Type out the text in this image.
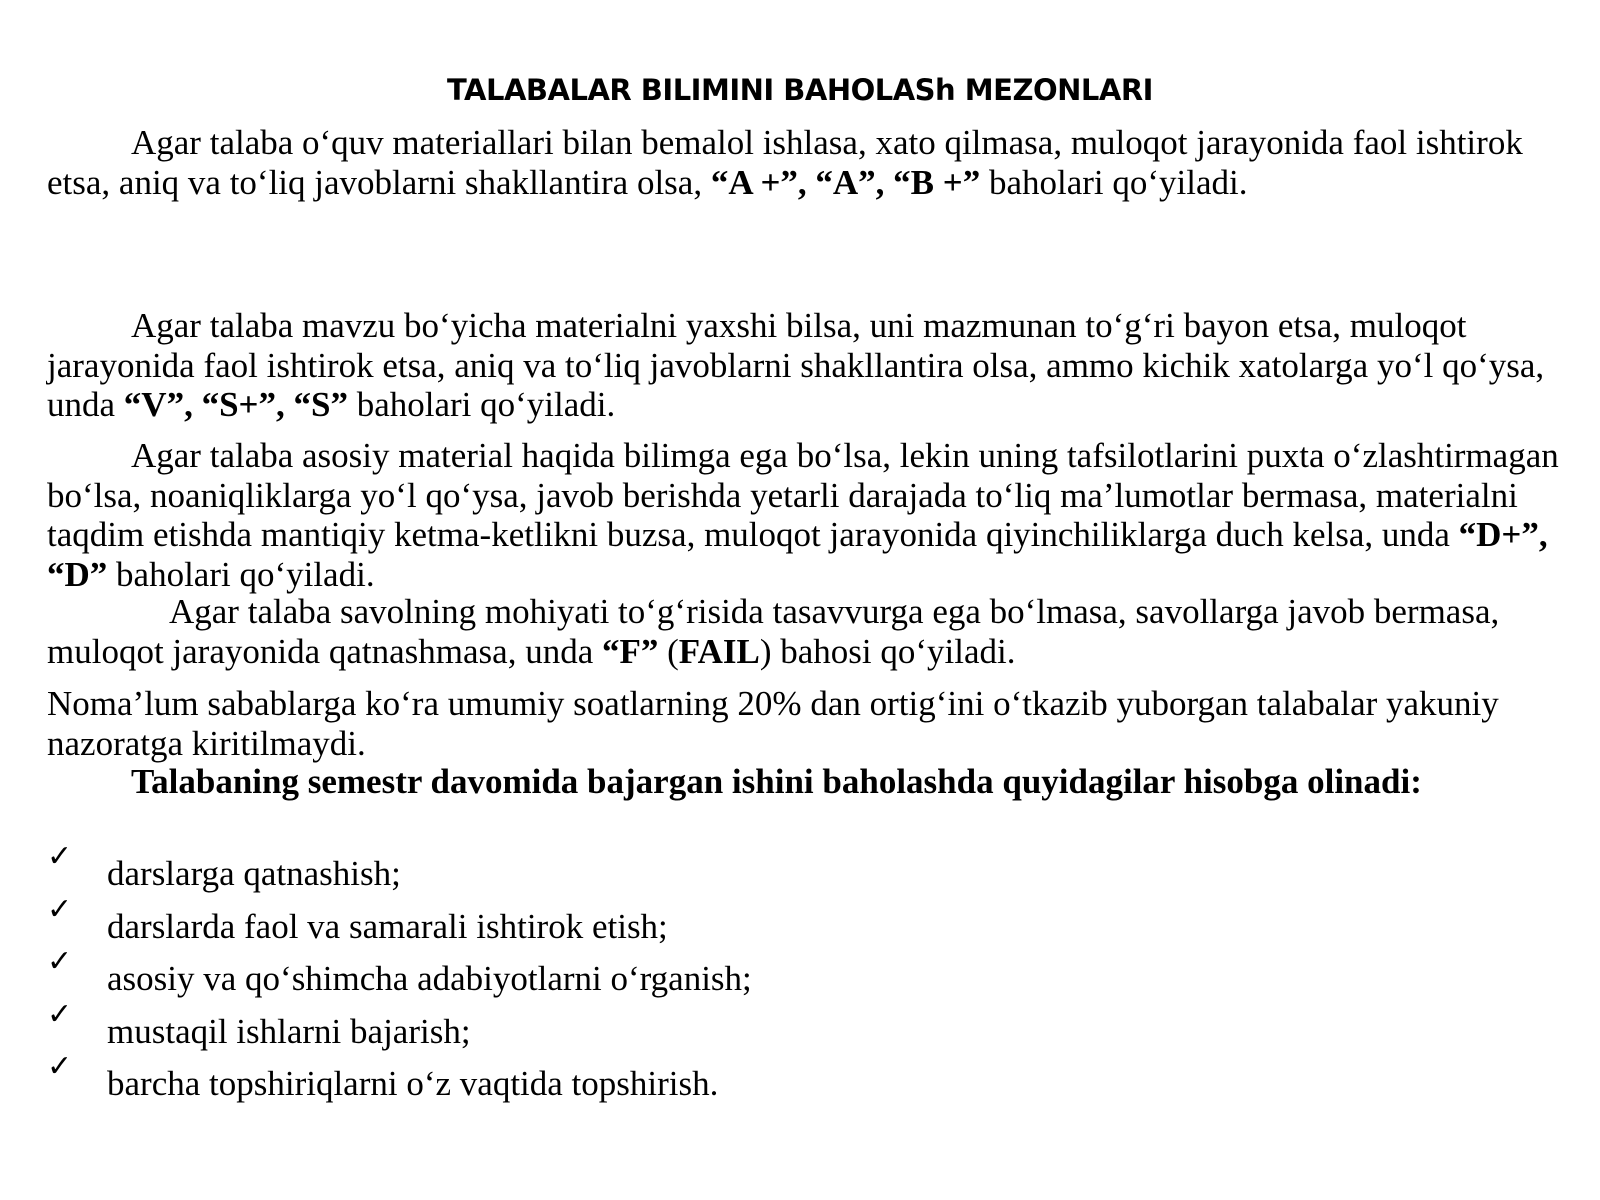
TALABALAR BILIMINI BAHOLASh MEZONLARI

Agar talaba o‘quv materiallari bilan bemalol ishlasa, xato qilmasa, muloqot jarayonida faol ishtirok etsa, aniq va to‘liq javoblarni shakllantira olsa, “A +”, “A”, “B +” baholari qo‘yiladi.

Agar talaba mavzu bo‘yicha materialni yaxshi bilsa, uni mazmunan to‘g‘ri bayon etsa, muloqot jarayonida faol ishtirok etsa, aniq va to‘liq javoblarni shakllantira olsa, ammo kichik xatolarga yo‘l qo‘ysa, unda “V”, “S+”, “S” baholari qo‘yiladi.

Agar talaba asosiy material haqida bilimga ega bo‘lsa, lekin uning tafsilotlarini puxta o‘zlashtirmagan bo‘lsa, noaniqliklarga yo‘l qo‘ysa, javob berishda yetarli darajada to‘liq ma’lumotlar bermasa, materialni taqdim etishda mantiqiy ketma-ketlikni buzsa, muloqot jarayonida qiyinchiliklarga duch kelsa, unda “D+”, “D” baholari qo‘yiladi.

Agar talaba savolning mohiyati to‘g‘risida tasavvurga ega bo‘lmasa, savollarga javob bermasa, muloqot jarayonida qatnashmasa, unda “F” (FAIL) bahosi qo‘yiladi.

Noma’lum sabablarga ko‘ra umumiy soatlarning 20% dan ortig‘ini o‘tkazib yuborgan talabalar yakuniy nazoratga kiritilmaydi.

Talabaning semestr davomida bajargan ishini baholashda quyidagilar hisobga olinadi:

✓ darslarga qatnashish;
✓ darslarda faol va samarali ishtirok etish;
✓ asosiy va qo‘shimcha adabiyotlarni o‘rganish;
✓ mustaqil ishlarni bajarish;
✓ barcha topshiriqlarni o‘z vaqtida topshirish.
